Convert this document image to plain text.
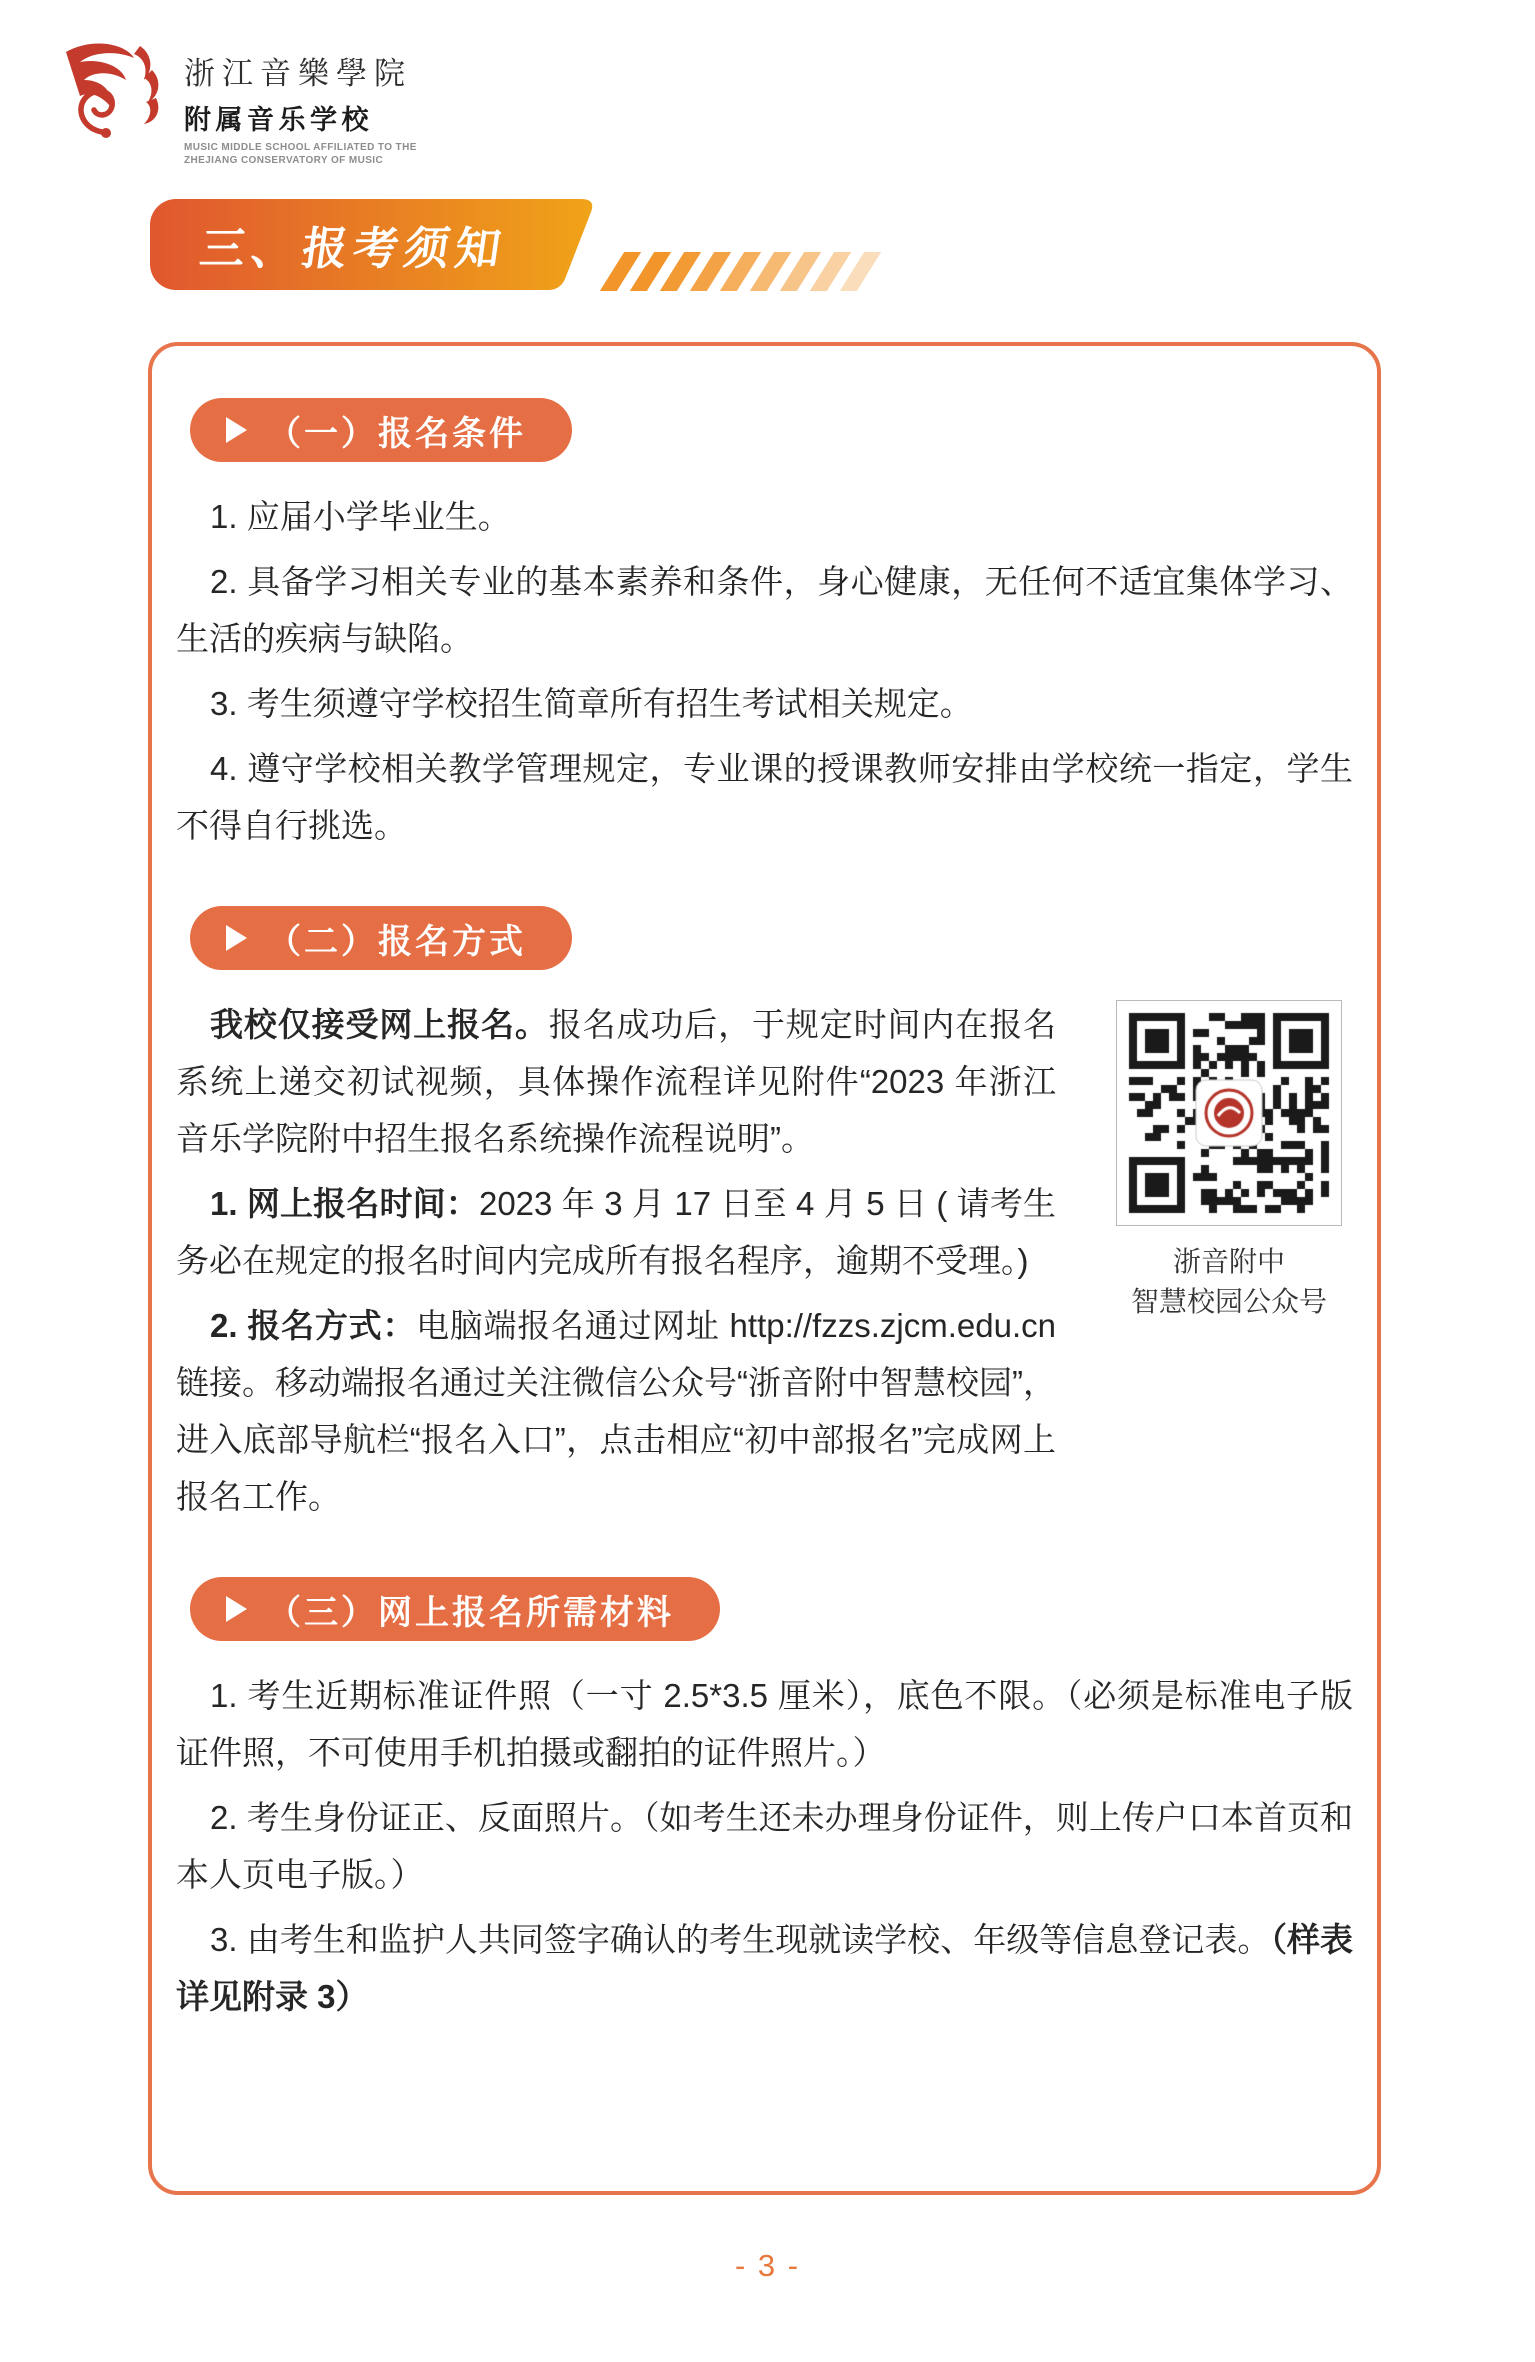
浙江音樂學院
附属音乐学校
MUSIC MIDDLE SCHOOL AFFILIATED TO THE
ZHEJIANG CONSERVATORY OF MUSIC
三、报考须知
（一）报名条件

1. 应届小学毕业生。

2. 具备学习相关专业的基本素养和条件，身心健康，无任何不适宜集体学习、生活的疾病与缺陷。

3. 考生须遵守学校招生简章所有招生考试相关规定。

4. 遵守学校相关教学管理规定，专业课的授课教师安排由学校统一指定，学生不得自行挑选。

（二）报名方式

我校仅接受网上报名。报名成功后，于规定时间内在报名系统上递交初试视频，具体操作流程详见附件“2023 年浙江音乐学院附中招生报名系统操作流程说明”。

1. 网上报名时间：2023 年 3 月 17 日至 4 月 5 日 ( 请考生务必在规定的报名时间内完成所有报名程序，逾期不受理。)

2. 报名方式：电脑端报名通过网址 http://fzzs.zjcm.edu.cn 链接。移动端报名通过关注微信公众号“浙音附中智慧校园”，进入底部导航栏“报名入口”，点击相应“初中部报名”完成网上报名工作。

浙音附中
智慧校园公众号
（三）网上报名所需材料

1. 考生近期标准证件照（一寸 2.5*3.5 厘米），底色不限。（必须是标准电子版证件照，不可使用手机拍摄或翻拍的证件照片。）

2. 考生身份证正、反面照片。（如考生还未办理身份证件，则上传户口本首页和本人页电子版。）

3. 由考生和监护人共同签字确认的考生现就读学校、年级等信息登记表。（样表详见附录 3）

- 3 -
